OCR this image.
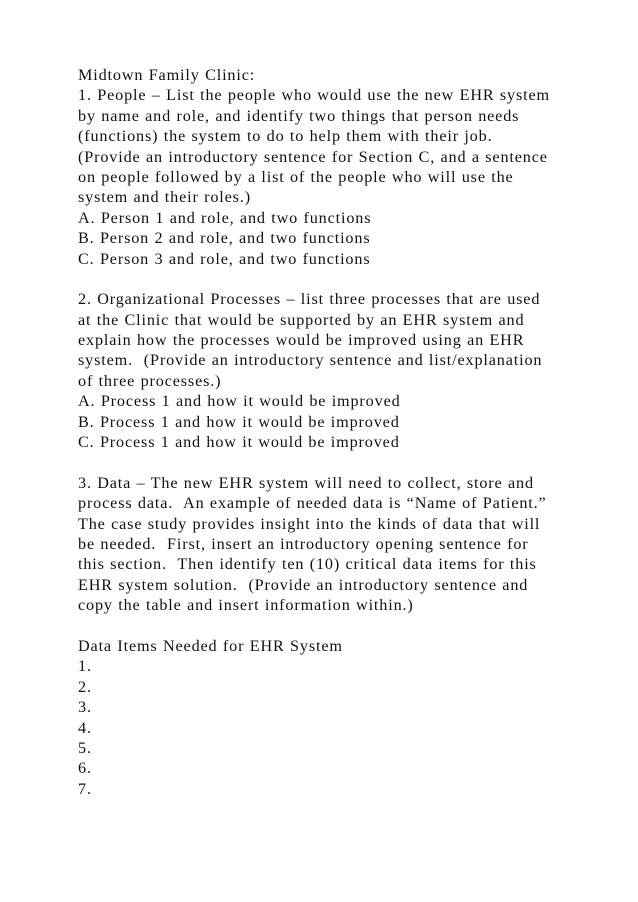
Midtown Family Clinic:
1. People – List the people who would use the new EHR system
by name and role, and identify two things that person needs
(functions) the system to do to help them with their job.
(Provide an introductory sentence for Section C, and a sentence
on people followed by a list of the people who will use the
system and their roles.)
A. Person 1 and role, and two functions
B. Person 2 and role, and two functions
C. Person 3 and role, and two functions
2. Organizational Processes – list three processes that are used
at the Clinic that would be supported by an EHR system and
explain how the processes would be improved using an EHR
system.  (Provide an introductory sentence and list/explanation
of three processes.)
A. Process 1 and how it would be improved
B. Process 1 and how it would be improved
C. Process 1 and how it would be improved
3. Data – The new EHR system will need to collect, store and
process data.  An example of needed data is “Name of Patient.”
The case study provides insight into the kinds of data that will
be needed.  First, insert an introductory opening sentence for
this section.  Then identify ten (10) critical data items for this
EHR system solution.  (Provide an introductory sentence and
copy the table and insert information within.)
Data Items Needed for EHR System
1.
2.
3.
4.
5.
6.
7.
